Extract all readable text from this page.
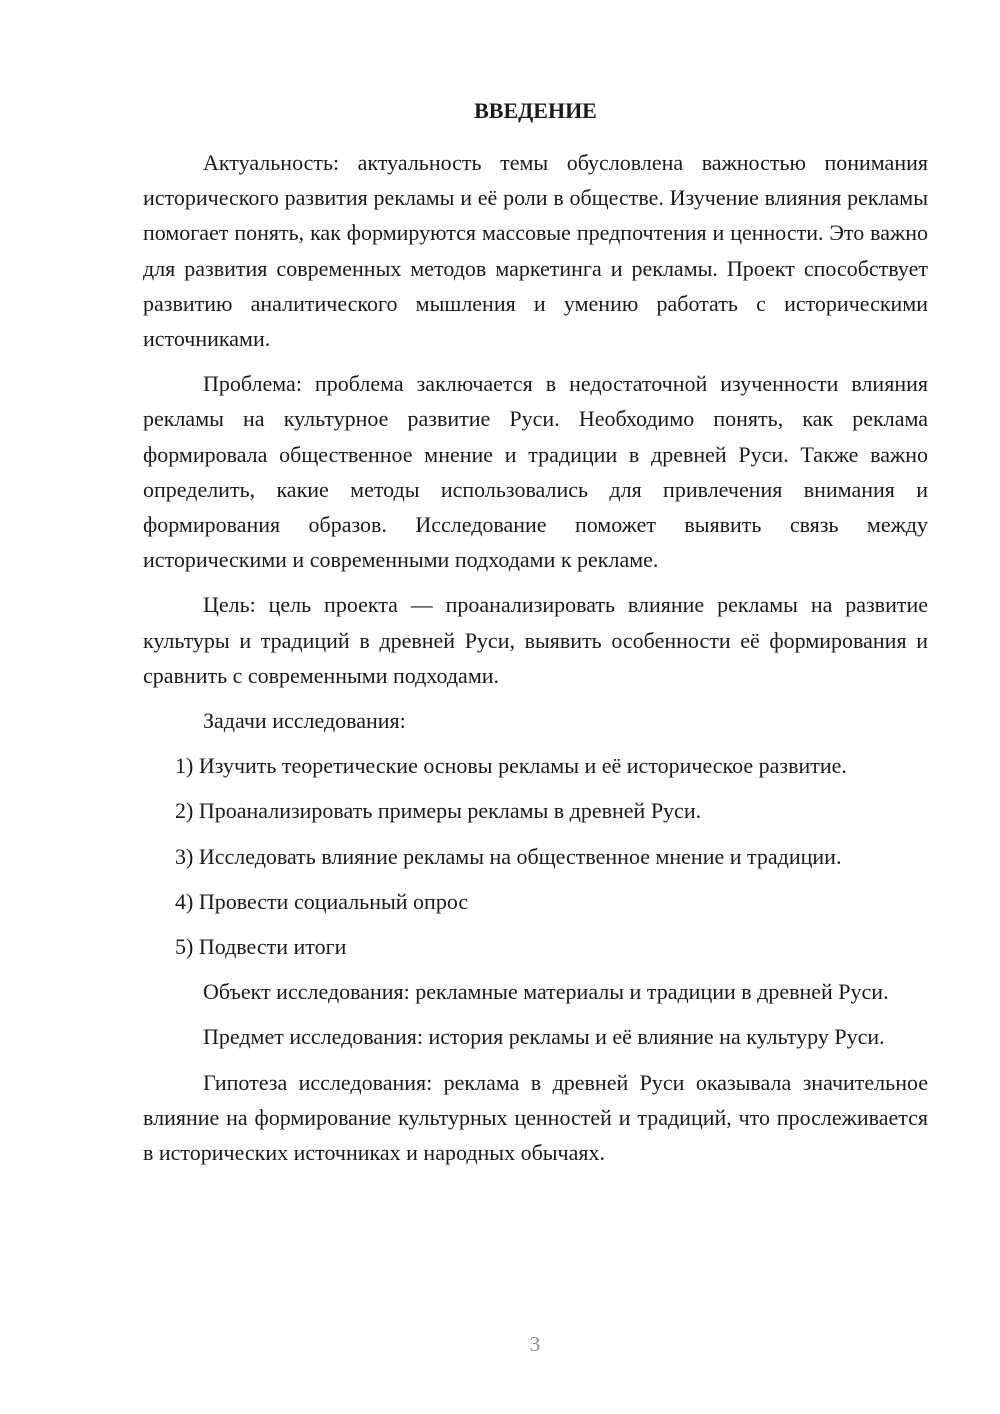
ВВЕДЕНИЕ

Актуальность: актуальность темы обусловлена важностью понимания исторического развития рекламы и её роли в обществе. Изучение влияния рекламы помогает понять, как формируются массовые предпочтения и ценности. Это важно для развития современных методов маркетинга и рекламы. Проект способствует развитию аналитического мышления и умению работать с историческими источниками.

Проблема: проблема заключается в недостаточной изученности влияния рекламы на культурное развитие Руси. Необходимо понять, как реклама формировала общественное мнение и традиции в древней Руси. Также важно определить, какие методы использовались для привлечения внимания и формирования образов. Исследование поможет выявить связь между историческими и современными подходами к рекламе.

Цель: цель проекта — проанализировать влияние рекламы на развитие культуры и традиций в древней Руси, выявить особенности её формирования и сравнить с современными подходами.

Задачи исследования:

1) Изучить теоретические основы рекламы и её историческое развитие.

2) Проанализировать примеры рекламы в древней Руси.

3) Исследовать влияние рекламы на общественное мнение и традиции.

4) Провести социальный опрос

5) Подвести итоги

Объект исследования: рекламные материалы и традиции в древней Руси.

Предмет исследования: история рекламы и её влияние на культуру Руси.

Гипотеза исследования: реклама в древней Руси оказывала значительное влияние на формирование культурных ценностей и традиций, что прослеживается в исторических источниках и народных обычаях.

3
